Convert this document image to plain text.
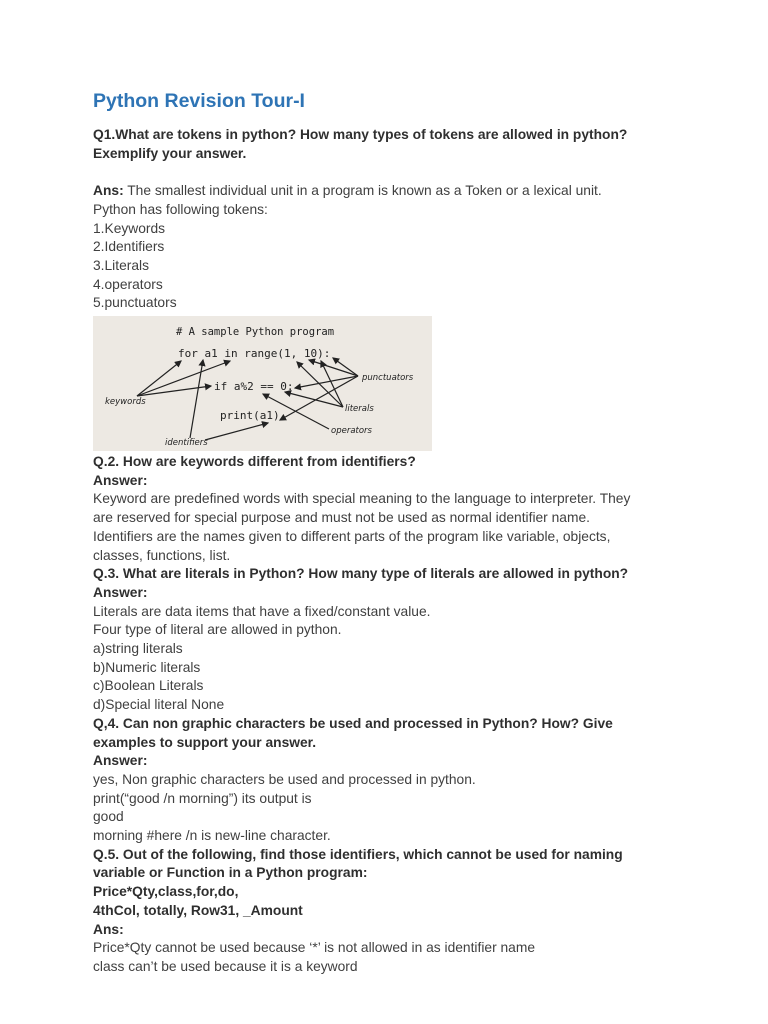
Python Revision Tour-I

Q1.What are tokens in python? How many types of tokens are allowed in python?

Exemplify your answer.

Ans: The smallest individual unit in a program is known as a Token or a lexical unit.

Python has following tokens:

1.Keywords

2.Identifiers

3.Literals

4.operators

5.punctuators

# A sample Python program
for a1 in range(1, 10):
if a%2 == 0:
print(a1)
keywords
identifiers
punctuators
literals
operators

Q.2. How are keywords different from identifiers?

Answer:

Keyword are predefined words with special meaning to the language to interpreter. They

are reserved for special purpose and must not be used as normal identifier name.

Identifiers are the names given to different parts of the program like variable, objects,

classes, functions, list.

Q.3. What are literals in Python? How many type of literals are allowed in python?

Answer:

Literals are data items that have a fixed/constant value.

Four type of literal are allowed in python.

a)string literals

b)Numeric literals

c)Boolean Literals

d)Special literal None

Q,4. Can non graphic characters be used and processed in Python? How? Give

examples to support your answer.

Answer:

yes, Non graphic characters be used and processed in python.

print(“good /n morning”) its output is

good

morning #here /n is new-line character.

Q.5. Out of the following, find those identifiers, which cannot be used for naming

variable or Function in a Python program:

Price*Qty,class,for,do,

4thCol, totally, Row31, _Amount

Ans:

Price*Qty cannot be used because ‘*’ is not allowed in as identifier name

class can’t be used because it is a keyword
